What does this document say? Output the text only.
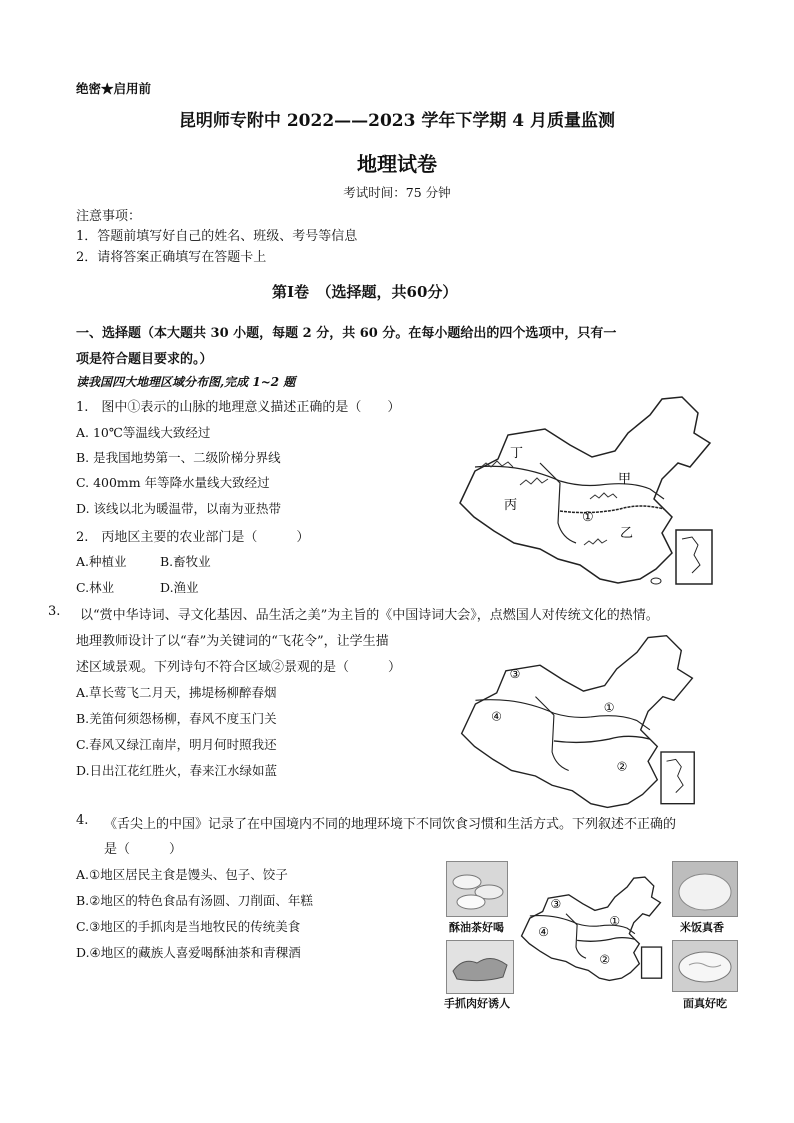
绝密★启用前
昆明师专附中 2022——2023 学年下学期 4 月质量监测
地理试卷
考试时间：75 分钟
注意事项：
1．答题前填写好自己的姓名、班级、考号等信息
2．请将答案正确填写在答题卡上
第Ⅰ卷　（选择题，共60分）
一、选择题（本大题共 30 小题，每题 2 分，共 60 分。在每小题给出的四个选项中，只有一
项是符合题目要求的。）
读我国四大地理区域分布图,完成 1~2 题
1.　图中①表示的山脉的地理意义描述正确的是（　　）
A. 10℃等温线大致经过
B. 是我国地势第一、二级阶梯分界线
C. 400mm 年等降水量线大致经过
D. 该线以北为暖温带，以南为亚热带
2.　丙地区主要的农业部门是（　　　）
A.种植业	B.畜牧业
C.林业	D.渔业
丁
甲
丙
①
乙
3. 以“赏中华诗词、寻文化基因、品生活之美”为主旨的《中国诗词大会》，点燃国人对传统文化的热情。
地理教师设计了以“春”为关键词的“飞花令”，让学生描
述区域景观。下列诗句不符合区域②景观的是（　　　）
A.草长莺飞二月天，拂堤杨柳醉春烟
B.羌笛何须怨杨柳，春风不度玉门关
C.春风又绿江南岸，明月何时照我还
D.日出江花红胜火，春来江水绿如蓝
③
①
④
②
4. 《舌尖上的中国》记录了在中国境内不同的地理环境下不同饮食习惯和生活方式。下列叙述不正确的
是（　　　）
A.①地区居民主食是馒头、包子、饺子
B.②地区的特色食品有汤圆、刀削面、年糕
C.③地区的手抓肉是当地牧民的传统美食
D.④地区的藏族人喜爱喝酥油茶和青稞酒
酥油茶好喝	米饭真香
手抓肉好诱人	面真好吃
③
①
④
②
